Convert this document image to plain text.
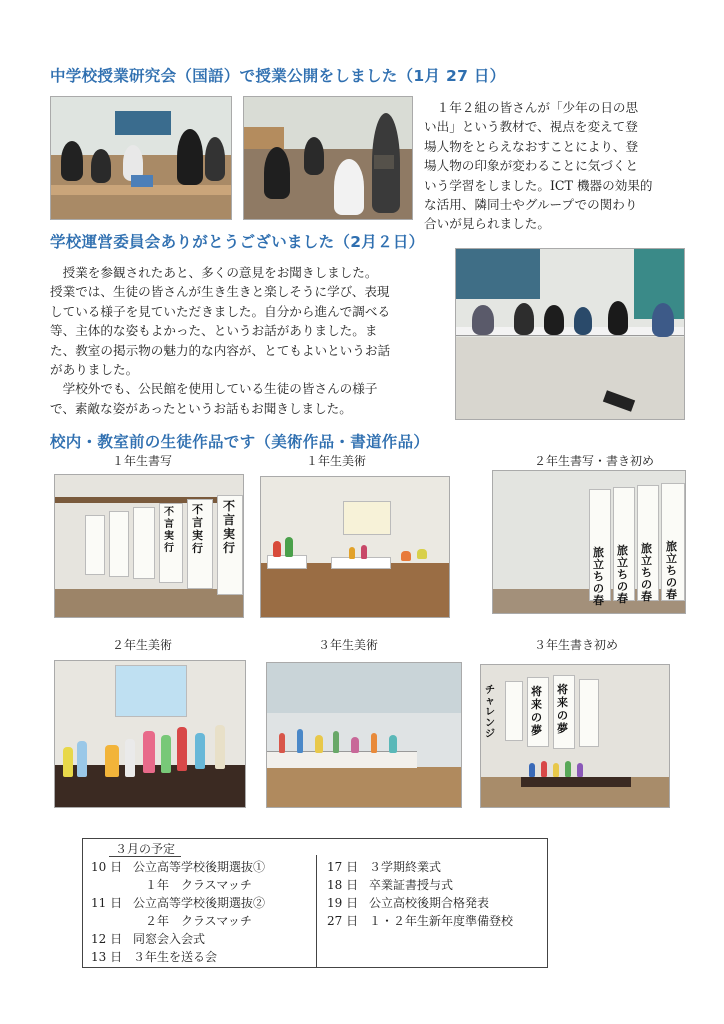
中学校授業研究会（国語）で授業公開をしました（1月 27 日）

　１年２組の皆さんが「少年の日の思

い出」という教材で、視点を変えて登

場人物をとらえなおすことにより、登

場人物の印象が変わることに気づくと

いう学習をしました。ICT 機器の効果的

な活用、隣同士やグループでの関わり

合いが見られました。

学校運営委員会ありがとうございました（2月２日）

　授業を参観されたあと、多くの意見をお聞きしました。

授業では、生徒の皆さんが生き生きと楽しそうに学び、表現

している様子を見ていただきました。自分から進んで調べる

等、主体的な姿もよかった、というお話がありました。ま

た、教室の掲示物の魅力的な内容が、とてもよいというお話

がありました。

　学校外でも、公民館を使用している生徒の皆さんの様子

で、素敵な姿があったというお話もお聞きしました。

校内・教室前の生徒作品です（美術作品・書道作品）
１年生書写	１年生美術	２年生書写・書き初め
不言実行
不言実行
不言実行	旅立ちの春
旅立ちの春
旅立ちの春
旅立ちの春
２年生美術	３年生美術	３年生書き初め
チャレンジ
将来の夢
将来の夢
３月の予定
10 日 公立高等学校後期選抜①
　１年　クラスマッチ
11 日 公立高等学校後期選抜②
　２年　クラスマッチ
12 日 同窓会入会式
13 日 ３年生を送る会
17 日 ３学期終業式
18 日 卒業証書授与式
19 日 公立高校後期合格発表
27 日 １・２年生新年度準備登校
